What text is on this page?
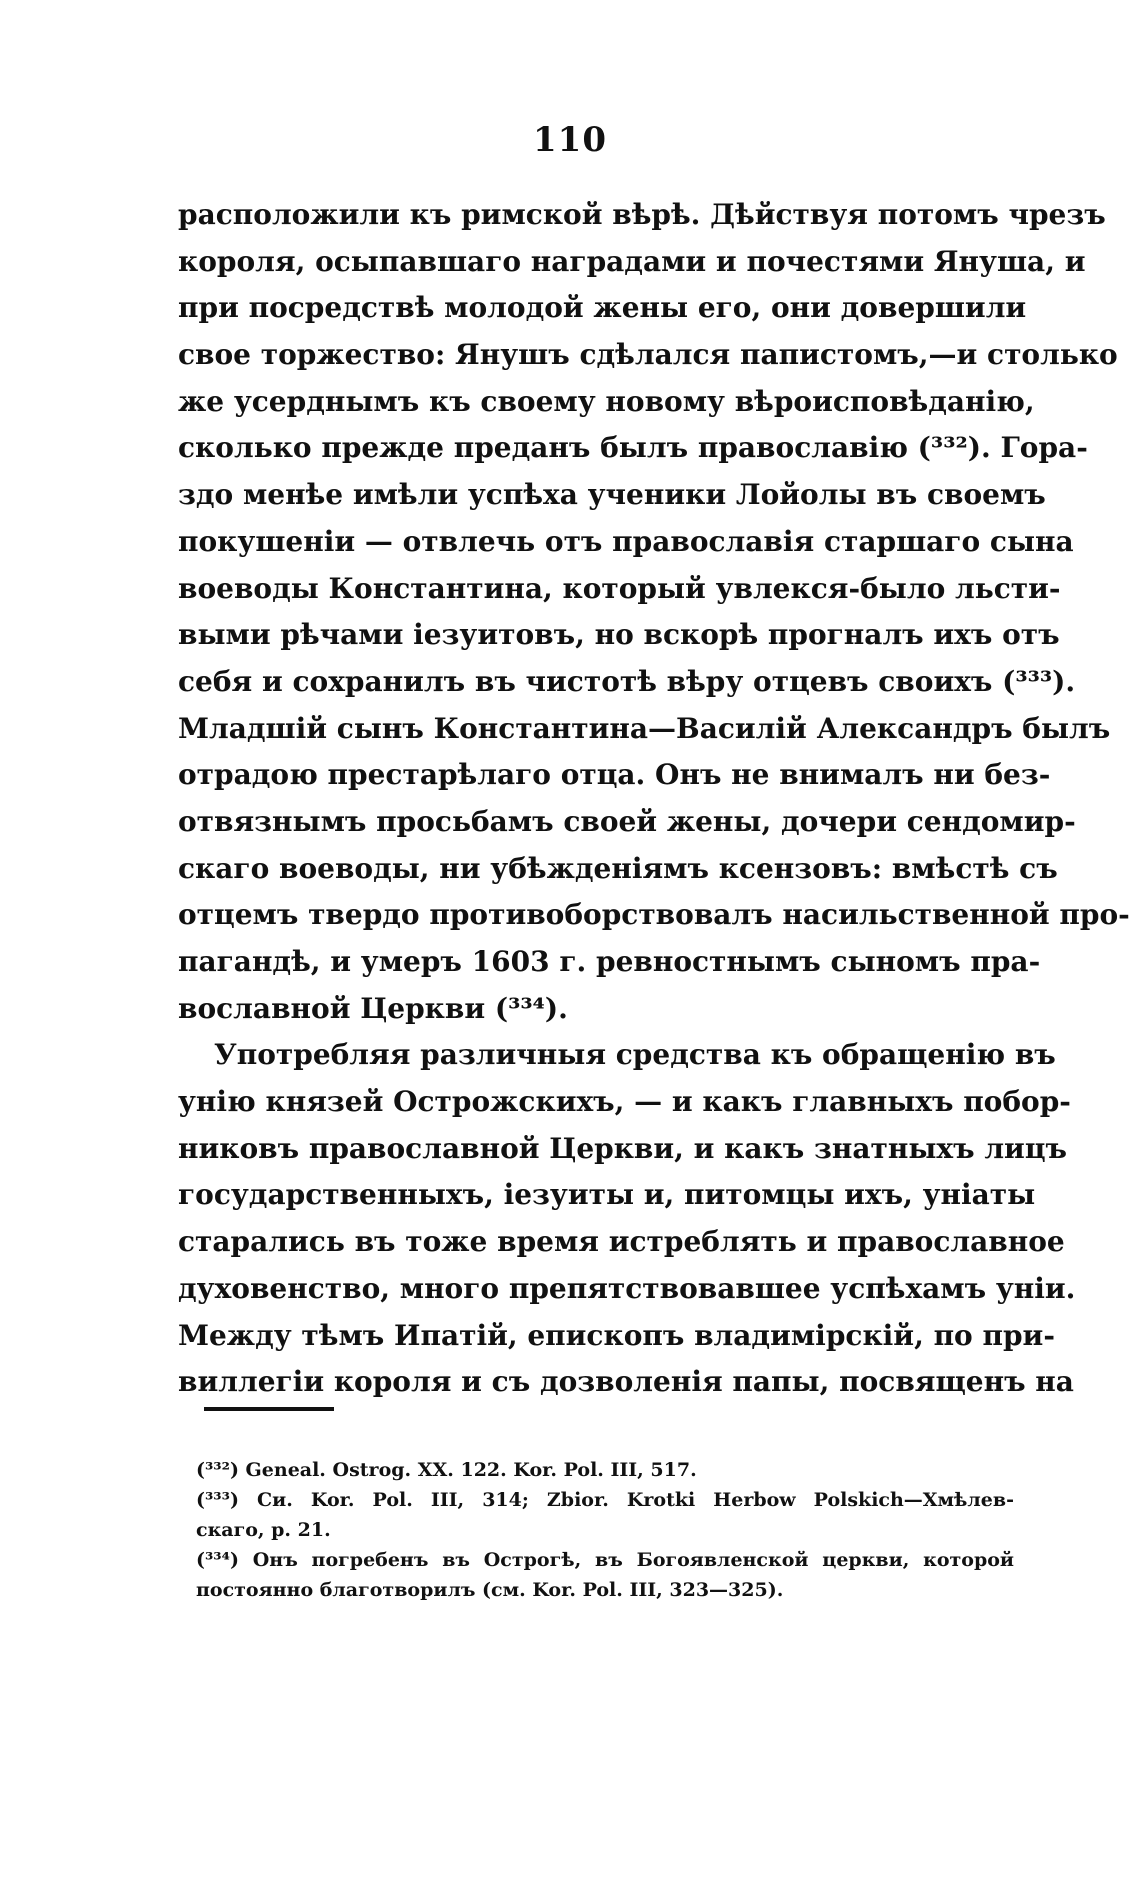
110
расположили къ римской вѣрѣ. Дѣйствуя потомъ чрезъ
короля, осыпавшаго наградами и почестями Януша, и
при посредствѣ молодой жены его, они довершили
свое торжество: Янушъ сдѣлался папистомъ,—и столько
же усерднымъ къ своему новому вѣроисповѣданію,
сколько прежде преданъ былъ православію (³³²). Гора-
здо менѣе имѣли успѣха ученики Лойолы въ своемъ
покушеніи — отвлечь отъ православія старшаго сына
воеводы Константина, который увлекся-было льсти-
выми рѣчами іезуитовъ, но вскорѣ прогналъ ихъ отъ
себя и сохранилъ въ чистотѣ вѣру отцевъ своихъ (³³³).
Младшій сынъ Константина—Василій Александръ былъ
отрадою престарѣлаго отца. Онъ не внималъ ни без-
отвязнымъ просьбамъ своей жены, дочери сендомир-
скаго воеводы, ни убѣжденіямъ ксензовъ: вмѣстѣ съ
отцемъ твердо противоборствовалъ насильственной про-
пагандѣ, и умеръ 1603 г. ревностнымъ сыномъ пра-
вославной Церкви (³³⁴).
Употребляя различныя средства къ обращенію въ
унію князей Острожскихъ, — и какъ главныхъ побор-
никовъ православной Церкви, и какъ знатныхъ лицъ
государственныхъ, іезуиты и, питомцы ихъ, уніаты
старались въ тоже время истреблять и православное
духовенство, много препятствовавшее успѣхамъ уніи.
Между тѣмъ Ипатій, епископъ владимірскій, по при-
виллегіи короля и съ дозволенія папы, посвященъ на
(³³²) Geneal. Ostrog. XX. 122. Kor. Pol. III, 517.
(³³³) Си. Kor. Pol. III, 314; Zbior. Krotki Herbow Polskich—Хмѣлев-
скаго, p. 21.
(³³⁴) Онъ погребенъ въ Острогѣ, въ Богоявленской церкви, которой
постоянно благотворилъ (см. Kor. Pol. III, 323—325).
